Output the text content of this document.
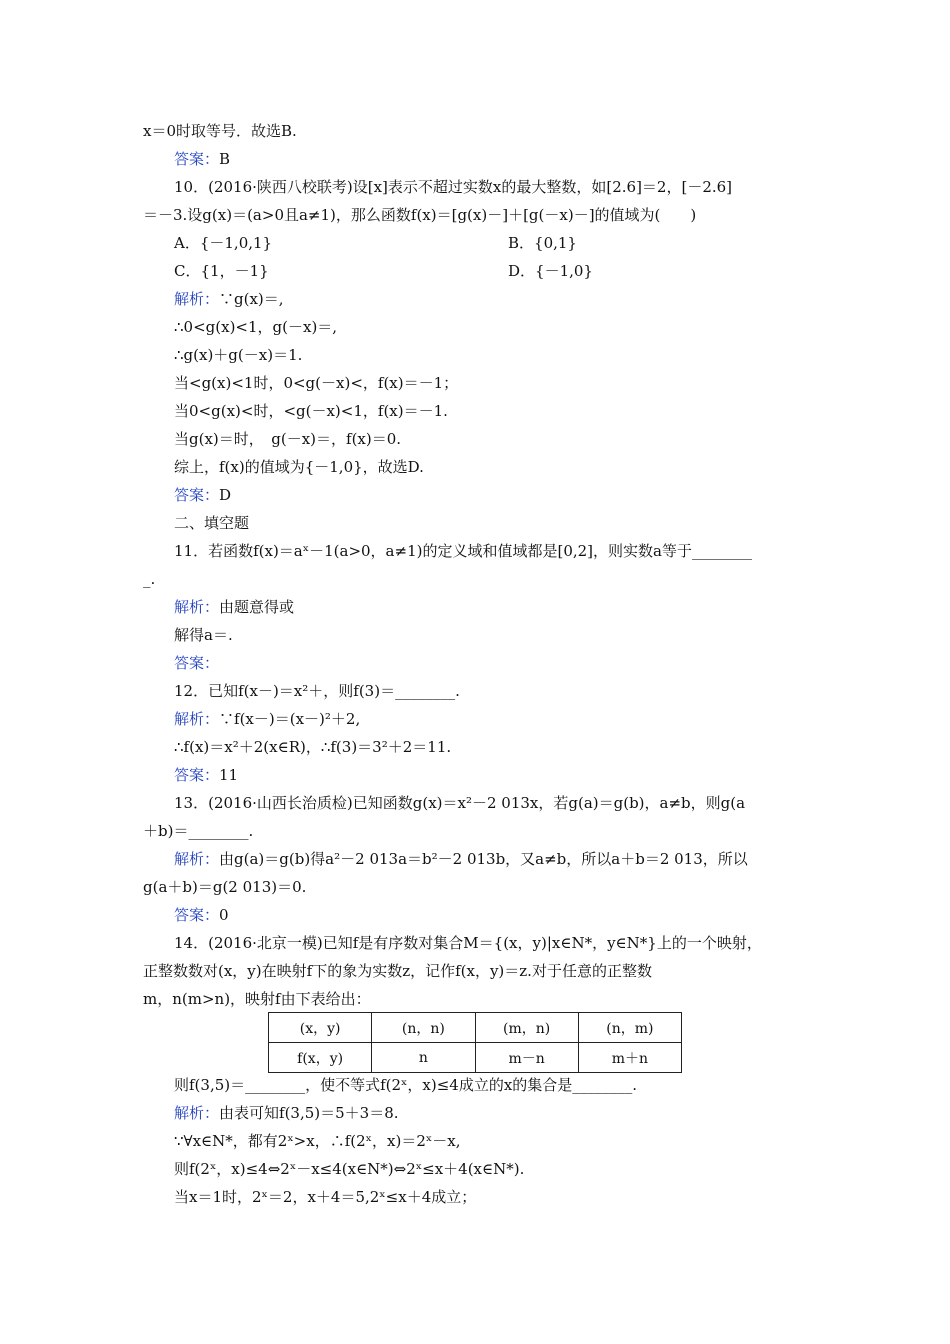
x＝0时取等号．故选B.
答案：B
10．(2016·陕西八校联考)设[x]表示不超过实数x的最大整数，如[2.6]＝2，[－2.6]
＝－3.设g(x)＝(a>0且a≠1)，那么函数f(x)＝[g(x)－]＋[g(－x)－]的值域为(　　)
A．{－1,0,1}	B．{0,1}
C．{1，－1}	D．{－1,0}
解析：∵g(x)＝,
∴0<g(x)<1，g(－x)＝,
∴g(x)＋g(－x)＝1.
当<g(x)<1时，0<g(－x)<，f(x)＝－1；
当0<g(x)<时，<g(－x)<1，f(x)＝－1.
当g(x)＝时，　g(－x)＝，f(x)＝0.
综上，f(x)的值域为{－1,0}，故选D.
答案：D
二、填空题
11．若函数f(x)＝aˣ－1(a>0，a≠1)的定义域和值域都是[0,2]，则实数a等于________
_.
解析：由题意得或
解得a＝.
答案：
12．已知f(x－)＝x²＋，则f(3)＝________.
解析：∵f(x－)＝(x－)²＋2,
∴f(x)＝x²＋2(x∈R)，∴f(3)＝3²＋2＝11.
答案：11
13．(2016·山西长治质检)已知函数g(x)＝x²－2 013x，若g(a)＝g(b)，a≠b，则g(a
＋b)＝________.
解析：由g(a)＝g(b)得a²－2 013a＝b²－2 013b，又a≠b，所以a＋b＝2 013，所以
g(a＋b)＝g(2 013)＝0.
答案：0
14．(2016·北京一模)已知f是有序数对集合M＝{(x，y)|x∈N*，y∈N*}上的一个映射，
正整数数对(x，y)在映射f下的象为实数z，记作f(x，y)＝z.对于任意的正整数
m，n(m>n)，映射f由下表给出：
(x，y)	(n，n)	(m，n)	(n，m)
f(x，y)	n	m－n	m＋n
则f(3,5)＝________，使不等式f(2ˣ，x)≤4成立的x的集合是________.
解析：由表可知f(3,5)＝5＋3＝8.
∵∀x∈N*，都有2ˣ>x，∴f(2ˣ，x)＝2ˣ－x,
则f(2ˣ，x)≤4⇔2ˣ－x≤4(x∈N*)⇔2ˣ≤x＋4(x∈N*).
当x＝1时，2ˣ＝2，x＋4＝5,2ˣ≤x＋4成立；
